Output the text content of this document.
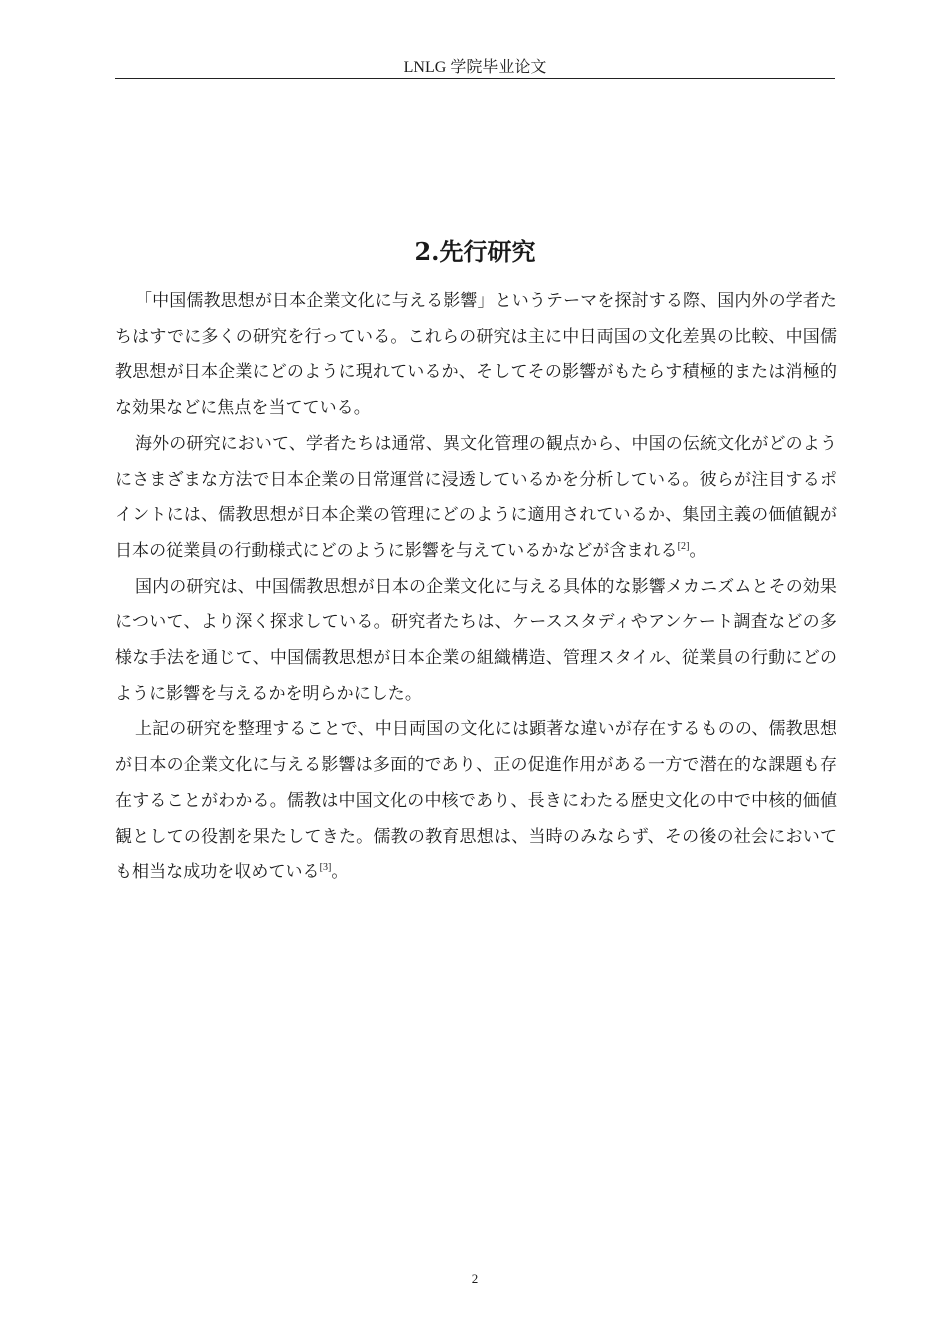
LNLG 学院毕业论文
2.先行研究

「中国儒教思想が日本企業文化に与える影響」というテーマを探討する際、国内外の学者たちはすでに多くの研究を行っている。これらの研究は主に中日両国の文化差異の比較、中国儒教思想が日本企業にどのように現れているか、そしてその影響がもたらす積極的または消極的な効果などに焦点を当てている。

海外の研究において、学者たちは通常、異文化管理の観点から、中国の伝統文化がどのようにさまざまな方法で日本企業の日常運営に浸透しているかを分析している。彼らが注目するポイントには、儒教思想が日本企業の管理にどのように適用されているか、集団主義の価値観が日本の従業員の行動様式にどのように影響を与えているかなどが含まれる[2]。

国内の研究は、中国儒教思想が日本の企業文化に与える具体的な影響メカニズムとその効果について、より深く探求している。研究者たちは、ケーススタディやアンケート調査などの多様な手法を通じて、中国儒教思想が日本企業の組織構造、管理スタイル、従業員の行動にどのように影響を与えるかを明らかにした。

上記の研究を整理することで、中日両国の文化には顕著な違いが存在するものの、儒教思想が日本の企業文化に与える影響は多面的であり、正の促進作用がある一方で潜在的な課題も存在することがわかる。儒教は中国文化の中核であり、長きにわたる歴史文化の中で中核的価値観としての役割を果たしてきた。儒教の教育思想は、当時のみならず、その後の社会においても相当な成功を収めている[3]。

2
